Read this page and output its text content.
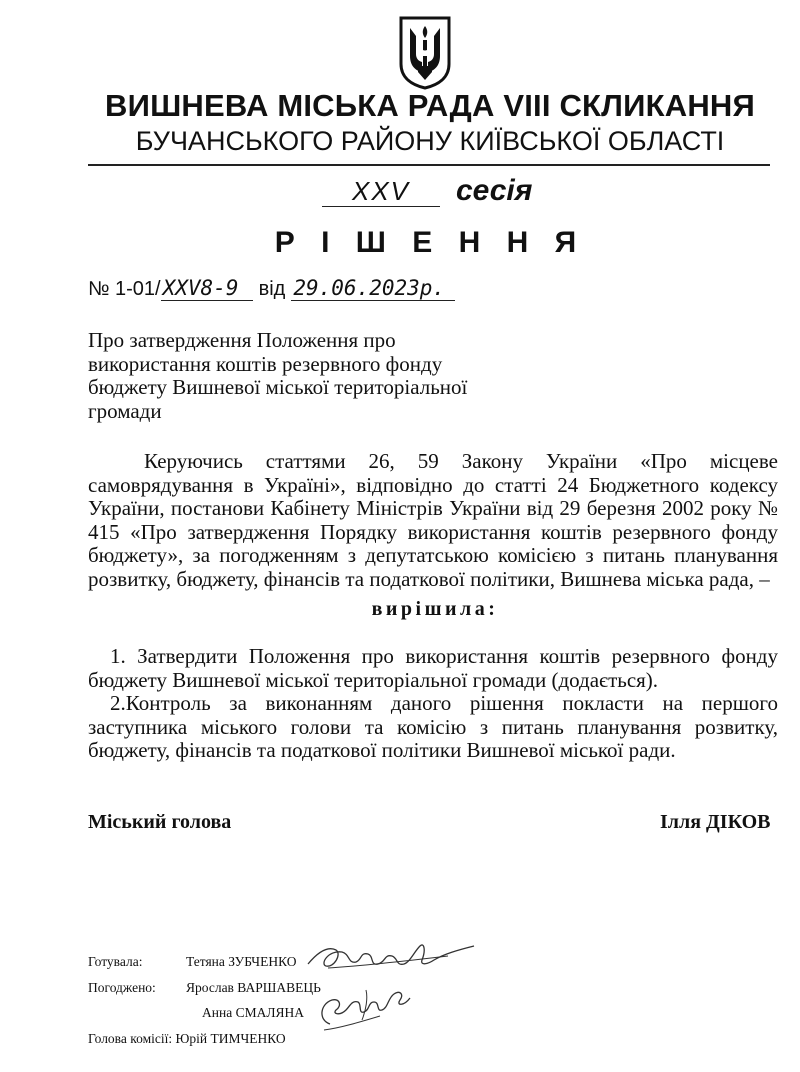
ВИШНЕВА МІСЬКА РАДА VIII СКЛИКАННЯ
БУЧАНСЬКОГО РАЙОНУ КИЇВСЬКОЇ ОБЛАСТІ
XXV	сесія
Р І Ш Е Н Н Я
№ 1-01/XXV8-9 від 29.06.2023р.
Про затвердження Положення про
використання коштів резервного фонду
бюджету Вишневої міської територіальної
громади

Керуючись статтями 26, 59 Закону України «Про місцеве самоврядування в Україні», відповідно до статті 24 Бюджетного кодексу України, постанови Кабінету Міністрів України від 29 березня 2002 року № 415 «Про затвердження Порядку використання коштів резервного фонду бюджету», за погодженням з депутатською комісією з питань планування розвитку, бюджету, фінансів та податкової політики, Вишнева міська рада, –

вирішила:

1. Затвердити Положення про використання коштів резервного фонду бюджету Вишневої міської територіальної громади (додається).

2.Контроль за виконанням даного рішення покласти на першого заступника міського голови та комісію з питань планування розвитку, бюджету, фінансів та податкової політики Вишневої міської ради.

Міський голова	Ілля ДІКОВ
Готувала:	Тетяна ЗУБЧЕНКО
Погоджено: Ярослав ВАРШАВЕЦЬ
Анна СМАЛЯНА
Голова комісії: Юрій ТИМЧЕНКО
